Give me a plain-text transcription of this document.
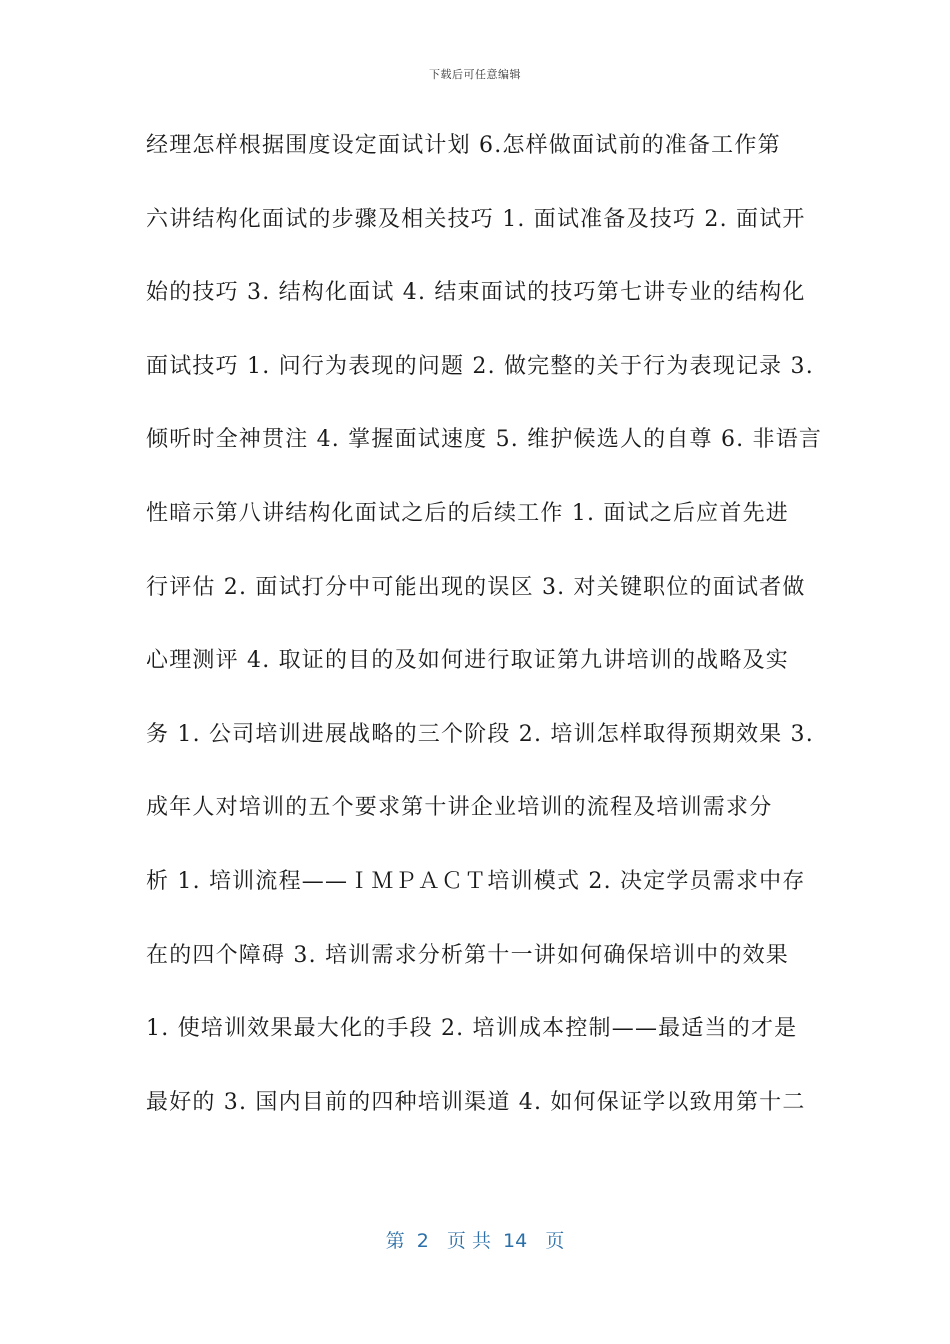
下载后可任意编辑
经理怎样根据围度设定面试计划 6.怎样做面试前的准备工作第
六讲结构化面试的步骤及相关技巧 1. 面试准备及技巧 2. 面试开
始的技巧 3. 结构化面试 4. 结束面试的技巧第七讲专业的结构化
面试技巧 1. 问行为表现的问题 2. 做完整的关于行为表现记录 3.
倾听时全神贯注 4. 掌握面试速度 5. 维护候选人的自尊 6. 非语言
性暗示第八讲结构化面试之后的后续工作 1. 面试之后应首先进
行评估 2. 面试打分中可能出现的误区 3. 对关键职位的面试者做
心理测评 4. 取证的目的及如何进行取证第九讲培训的战略及实
务 1. 公司培训进展战略的三个阶段 2. 培训怎样取得预期效果 3.
成年人对培训的五个要求第十讲企业培训的流程及培训需求分
析 1. 培训流程——ＩＭＰＡＣＴ培训模式 2. 决定学员需求中存
在的四个障碍 3. 培训需求分析第十一讲如何确保培训中的效果
1. 使培训效果最大化的手段 2. 培训成本控制——最适当的才是
最好的 3. 国内目前的四种培训渠道 4. 如何保证学以致用第十二
第  2   页 共  14   页
